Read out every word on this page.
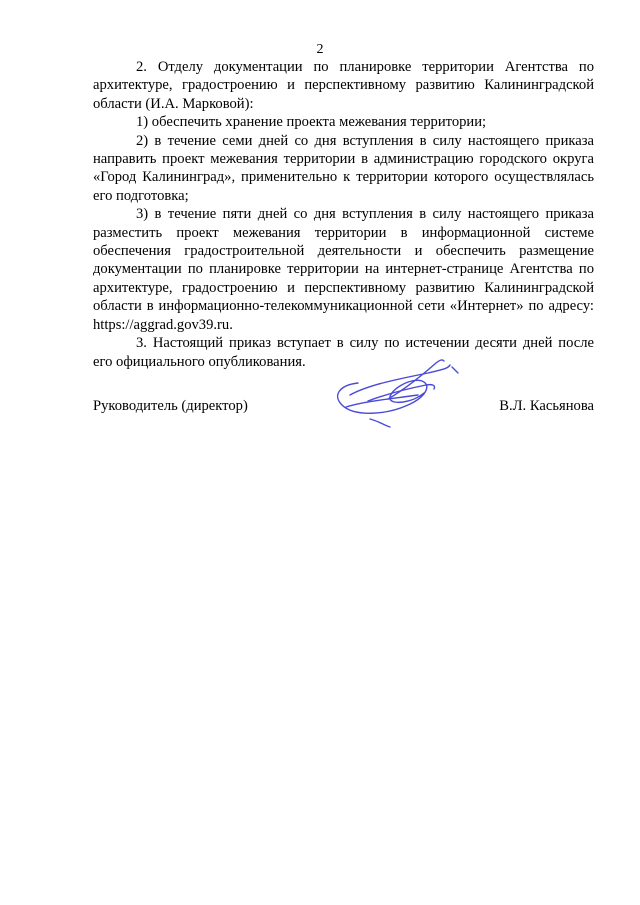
2

2. Отделу документации по планировке территории Агентства по архитектуре, градостроению и перспективному развитию Калининградской области (И.А. Марковой):

1) обеспечить хранение проекта межевания территории;

2) в течение семи дней со дня вступления в силу настоящего приказа направить проект межевания территории в администрацию городского округа «Город Калининград», применительно к территории которого осуществлялась его подготовка;

3) в течение пяти дней со дня вступления в силу настоящего приказа разместить проект межевания территории в информационной системе обеспечения градостроительной деятельности и обеспечить размещение документации по планировке территории на интернет-странице Агентства по архитектуре, градостроению и перспективному развитию Калининградской области в информационно-телекоммуникационной сети «Интернет» по адресу: https://aggrad.gov39.ru.

3. Настоящий приказ вступает в силу по истечении десяти дней после его официального опубликования.

Руководитель (директор)	В.Л. Касьянова
